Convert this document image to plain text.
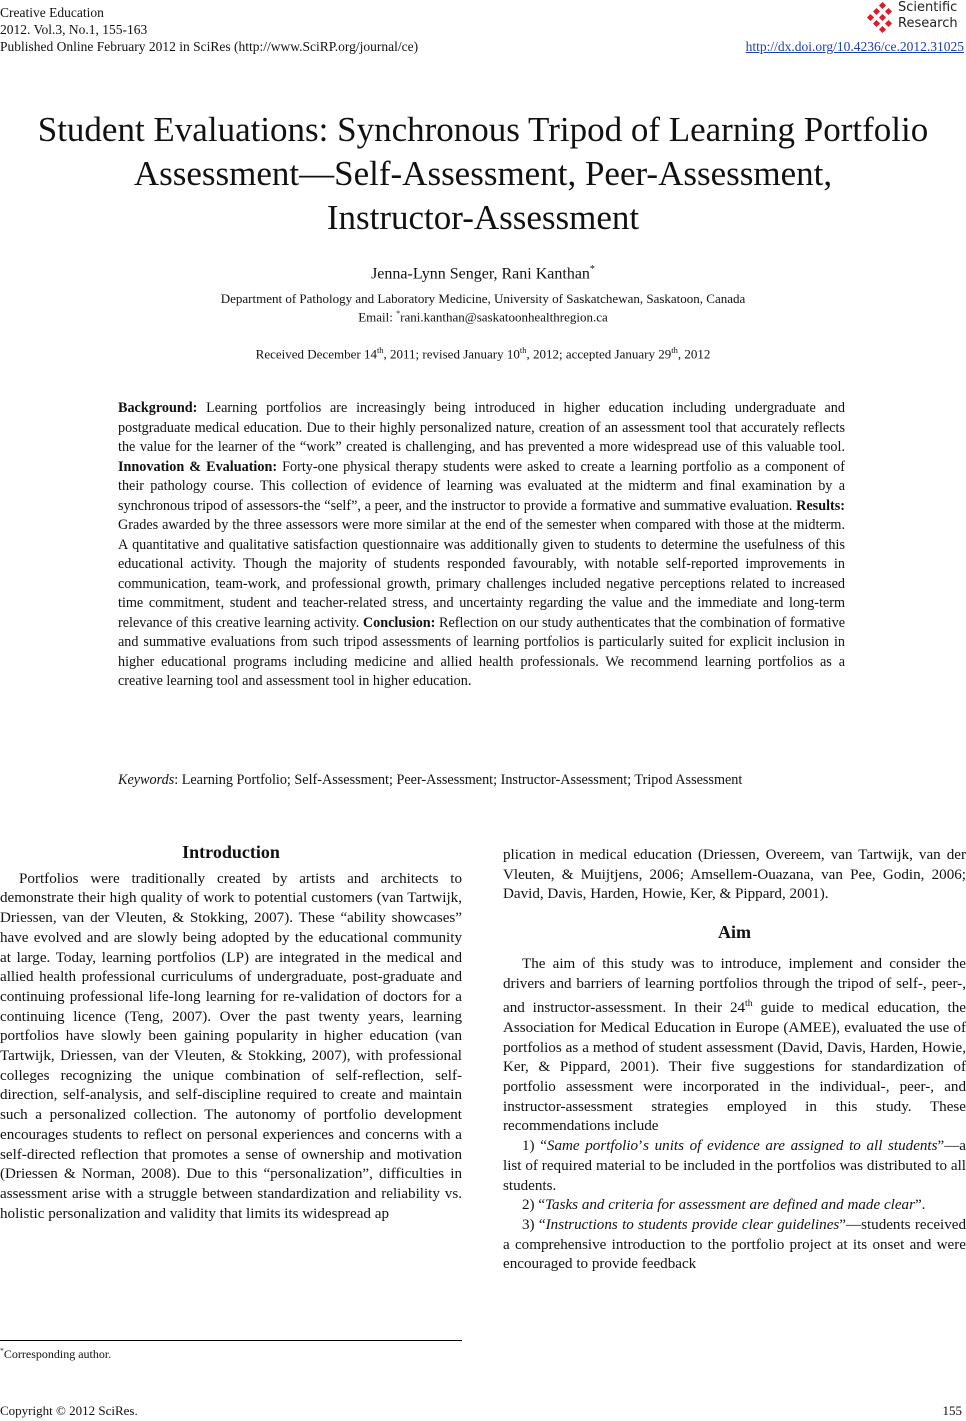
Creative Education
2012. Vol.3, No.1, 155-163
Published Online February 2012 in SciRes (http://www.SciRP.org/journal/ce)
Scientific
Research
http://dx.doi.org/10.4236/ce.2012.31025
Student Evaluations: Synchronous Tripod of Learning Portfolio
Assessment—Self-Assessment, Peer-Assessment,
Instructor-Assessment
Jenna-Lynn Senger, Rani Kanthan*
Department of Pathology and Laboratory Medicine, University of Saskatchewan, Saskatoon, Canada
Email: *rani.kanthan@saskatoonhealthregion.ca
Received December 14th, 2011; revised January 10th, 2012; accepted January 29th, 2012
Background: Learning portfolios are increasingly being introduced in higher education including undergraduate and postgraduate medical education. Due to their highly personalized nature, creation of an assessment tool that accurately reflects the value for the learner of the “work” created is challenging, and has prevented a more widespread use of this valuable tool. Innovation & Evaluation: Forty-one physical therapy students were asked to create a learning portfolio as a component of their pathology course. This collection of evidence of learning was evaluated at the midterm and final examination by a synchronous tripod of assessors-the “self”, a peer, and the instructor to provide a formative and summative evaluation. Results: Grades awarded by the three assessors were more similar at the end of the semester when compared with those at the midterm. A quantitative and qualitative satisfaction questionnaire was additionally given to students to determine the usefulness of this educational activity. Though the majority of students responded favourably, with notable self-reported improvements in communication, team-work, and professional growth, primary challenges included negative perceptions related to increased time commitment, student and teacher-related stress, and uncertainty regarding the value and the immediate and long-term relevance of this creative learning activity. Conclusion: Reflection on our study authenticates that the combination of formative and summative evaluations from such tripod assessments of learning portfolios is particularly suited for explicit inclusion in higher educational programs including medicine and allied health professionals. We recommend learning portfolios as a creative learning tool and assessment tool in higher education.
Keywords: Learning Portfolio; Self-Assessment; Peer-Assessment; Instructor-Assessment; Tripod Assessment
Introduction

Portfolios were traditionally created by artists and architects to demonstrate their high quality of work to potential customers (van Tartwijk, Driessen, van der Vleuten, & Stokking, 2007). These “ability showcases” have evolved and are slowly being adopted by the educational community at large. Today, learning portfolios (LP) are integrated in the medical and allied health professional curriculums of undergraduate, post-graduate and continuing professional life-long learning for re-validation of doctors for a continuing licence (Teng, 2007). Over the past twenty years, learning portfolios have slowly been gaining popularity in higher education (van Tartwijk, Driessen, van der Vleuten, & Stokking, 2007), with professional colleges recognizing the unique combination of self-reflection, self-direction, self-analysis, and self-discipline required to create and maintain such a personalized collection. The autonomy of portfolio development encourages students to reflect on personal experiences and concerns with a self-directed reflection that promotes a sense of ownership and motivation (Driessen & Norman, 2008). Due to this “personalization”, difficulties in assessment arise with a struggle between standardization and reliability vs. holistic personalization and validity that limits its widespread ap

*Corresponding author.

plication in medical education (Driessen, Overeem, van Tartwijk, van der Vleuten, & Muijtjens, 2006; Amsellem-Ouazana, van Pee, Godin, 2006; David, Davis, Harden, Howie, Ker, & Pippard, 2001).

Aim

The aim of this study was to introduce, implement and consider the drivers and barriers of learning portfolios through the tripod of self-, peer-, and instructor-assessment. In their 24th guide to medical education, the Association for Medical Education in Europe (AMEE), evaluated the use of portfolios as a method of student assessment (David, Davis, Harden, Howie, Ker, & Pippard, 2001). Their five suggestions for standardization of portfolio assessment were incorporated in the individual-, peer-, and instructor-assessment strategies employed in this study. These recommendations include

1) “Same portfolio’s units of evidence are assigned to all students”—a list of required material to be included in the portfolios was distributed to all students.

2) “Tasks and criteria for assessment are defined and made clear”.

3) “Instructions to students provide clear guidelines”—students received a comprehensive introduction to the portfolio project at its onset and were encouraged to provide feedback

Copyright © 2012 SciRes.	155
